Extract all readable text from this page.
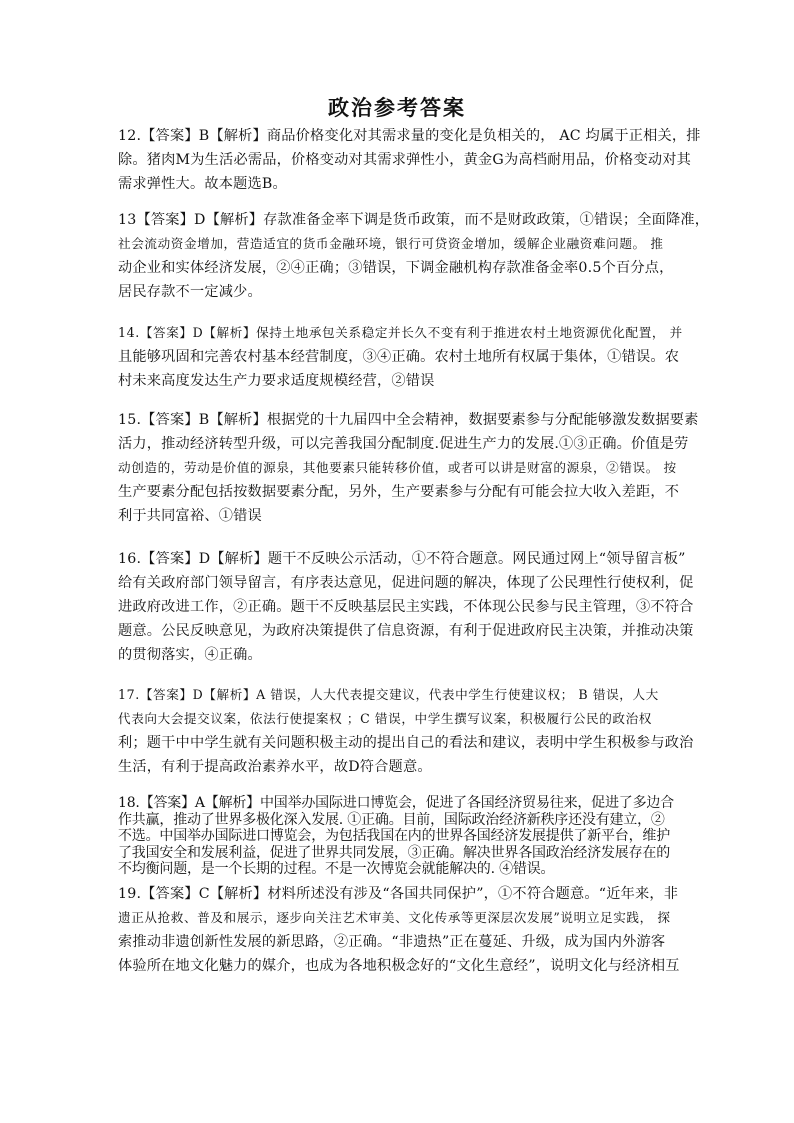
政治参考答案
12.【答案】B【解析】商品价格变化对其需求量的变化是负相关的， AC 均属于正相关，排
除。猪肉M为生活必需品，价格变动对其需求弹性小，黄金G为高档耐用品，价格变动对其
需求弹性大。故本题选B。
13【答案】D【解析】存款准备金率下调是货币政策，而不是财政政策，①错误；全面降准，
社会流动资金增加，营造适宜的货币金融环境，银行可贷资金增加，缓解企业融资难问题。 推
动企业和实体经济发展，②④正确；③错误，下调金融机构存款准备金率0.5个百分点，
居民存款不一定减少。
14.【答案】D【解析】保持土地承包关系稳定并长久不变有利于推进农村土地资源优化配置， 并
且能够巩固和完善农村基本经营制度，③④正确。农村土地所有权属于集体，①错误。农
村未来高度发达生产力要求适度规模经营，②错误
15.【答案】B【解析】根据党的十九届四中全会精神，数据要素参与分配能够激发数据要素
活力，推动经济转型升级，可以完善我国分配制度.促进生产力的发展.①③正确。价值是劳
动创造的，劳动是价值的源泉，其他要素只能转移价值，或者可以讲是财富的源泉，②错误。 按
生产要素分配包括按数据要素分配，另外，生产要素参与分配有可能会拉大收入差距，不
利于共同富裕、①错误
16.【答案】D【解析】题干不反映公示活动，①不符合题意。网民通过网上“领导留言板”
给有关政府部门领导留言，有序表达意见，促进问题的解决，体现了公民理性行使权利，促
进政府改进工作，②正确。题干不反映基层民主实践，不体现公民参与民主管理，③不符合
题意。公民反映意见，为政府决策提供了信息资源，有利于促进政府民主决策，并推动决策
的贯彻落实，④正确。
17.【答案】D【解析】A 错误，人大代表提交建议，代表中学生行使建议权； B 错误，人大
代表向大会提交议案，依法行使提案权 ；C 错误，中学生撰写议案，积极履行公民的政治权
利；题干中中学生就有关问题积极主动的提出自己的看法和建议，表明中学生积极参与政治
生活，有利于提高政治素养水平，故D符合题意。
18.【答案】A【解析】中国举办国际进口博览会，促进了各国经济贸易往来，促进了多边合
作共赢，推动了世界多极化深入发展. ①正确。目前，国际政治经济新秩序还没有建立，②
不选。中国举办国际进口博览会，为包括我国在内的世界各国经济发展提供了新平台，维护
了我国安全和发展利益，促进了世界共同发展，③正确。解决世界各国政治经济发展存在的
不均衡问题，是一个长期的过程。不是一次博览会就能解决的. ④错误。
19.【答案】C【解析】材料所述没有涉及“各国共同保护”，①不符合题意。“近年来，非
遗正从抢救、普及和展示，逐步向关注艺术审美、文化传承等更深层次发展”说明立足实践， 探
索推动非遗创新性发展的新思路，②正确。“非遗热”正在蔓延、升级，成为国内外游客
体验所在地文化魅力的媒介，也成为各地积极念好的“文化生意经”，说明文化与经济相互
